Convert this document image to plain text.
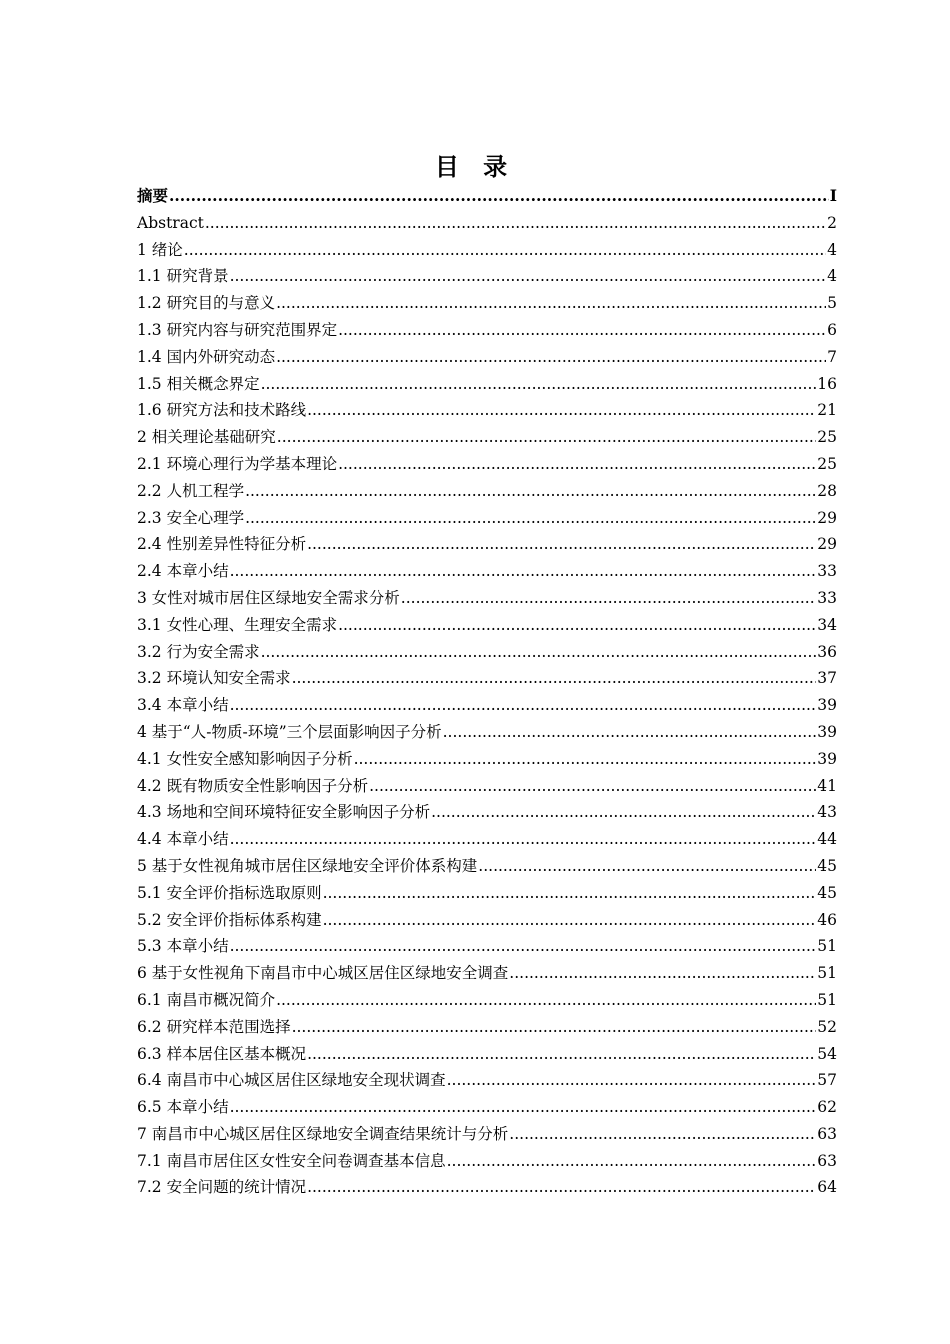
目 录
摘要 .....	I
Abstract .....	2
1 绪论 .....	4
1.1 研究背景 .....	4
1.2 研究目的与意义 .....	5
1.3 研究内容与研究范围界定 .....	6
1.4 国内外研究动态 .....	7
1.5 相关概念界定 .....	16
1.6 研究方法和技术路线 .....	21
2 相关理论基础研究 .....	25
2.1 环境心理行为学基本理论 .....	25
2.2 人机工程学 .....	28
2.3 安全心理学 .....	29
2.4 性别差异性特征分析 .....	29
2.4 本章小结 .....	33
3 女性对城市居住区绿地安全需求分析 .....	33
3.1 女性心理、生理安全需求 .....	34
3.2 行为安全需求 .....	36
3.2 环境认知安全需求 .....	37
3.4 本章小结 .....	39
4 基于“人-物质-环境”三个层面影响因子分析 .....	39
4.1 女性安全感知影响因子分析 .....	39
4.2 既有物质安全性影响因子分析 .....	41
4.3 场地和空间环境特征安全影响因子分析 .....	43
4.4 本章小结 .....	44
5 基于女性视角城市居住区绿地安全评价体系构建 .....	45
5.1 安全评价指标选取原则 .....	45
5.2 安全评价指标体系构建 .....	46
5.3 本章小结 .....	51
6 基于女性视角下南昌市中心城区居住区绿地安全调查 .....	51
6.1 南昌市概况简介 .....	51
6.2 研究样本范围选择 .....	52
6.3 样本居住区基本概况 .....	54
6.4 南昌市中心城区居住区绿地安全现状调查 .....	57
6.5 本章小结 .....	62
7 南昌市中心城区居住区绿地安全调查结果统计与分析 .....	63
7.1 南昌市居住区女性安全问卷调查基本信息 .....	63
7.2 安全问题的统计情况 .....	64
